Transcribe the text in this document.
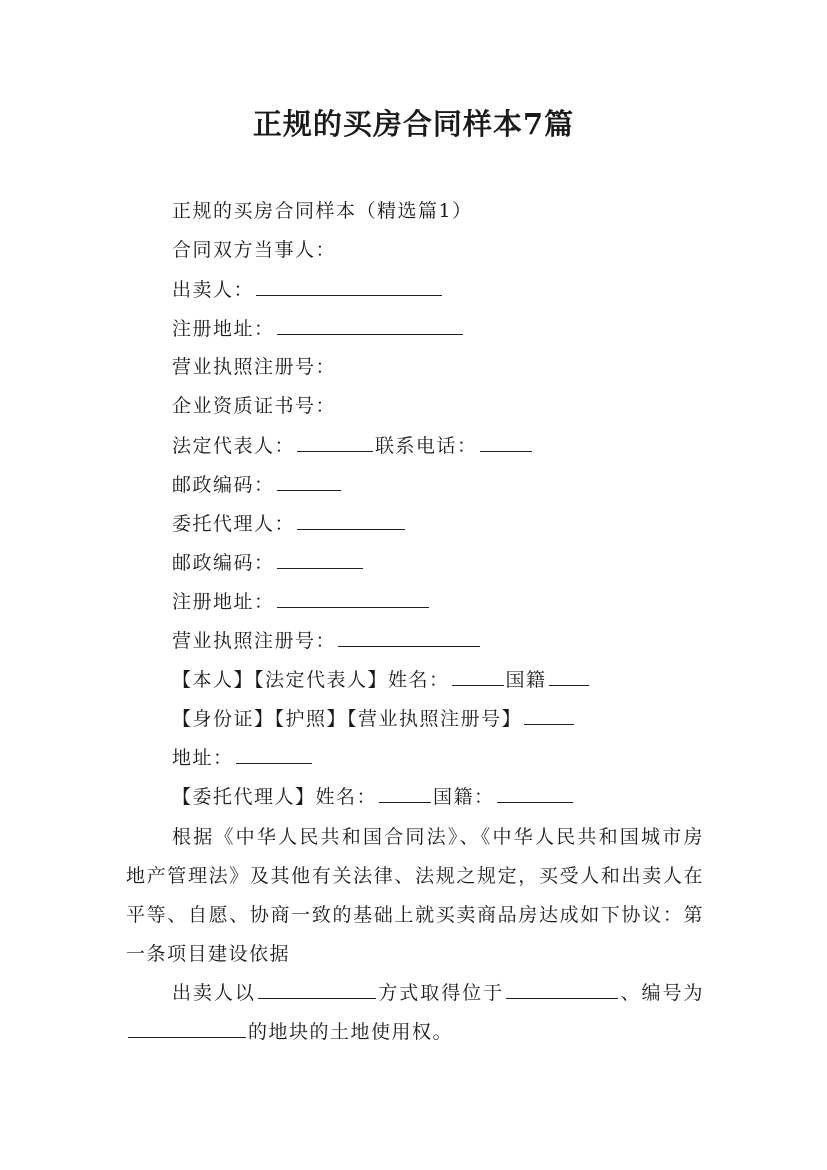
正规的买房合同样本7篇
正规的买房合同样本（精选篇1）
合同双方当事人：
出卖人：
注册地址：
营业执照注册号：
企业资质证书号：
法定代表人：	联系电话：
邮政编码：
委托代理人：
邮政编码：
注册地址：
营业执照注册号：
【本人】【法定代表人】姓名：	国籍
【身份证】【护照】【营业执照注册号】
地址：
【委托代理人】姓名：	国籍：
根据《中华人民共和国合同法》、《中华人民共和国城市房地产管理法》及其他有关法律、法规之规定，买受人和出卖人在平等、自愿、协商一致的基础上就买卖商品房达成如下协议：第一条项目建设依据
出卖人以	方式取得位于	、编号为的地块的土地使用权。
